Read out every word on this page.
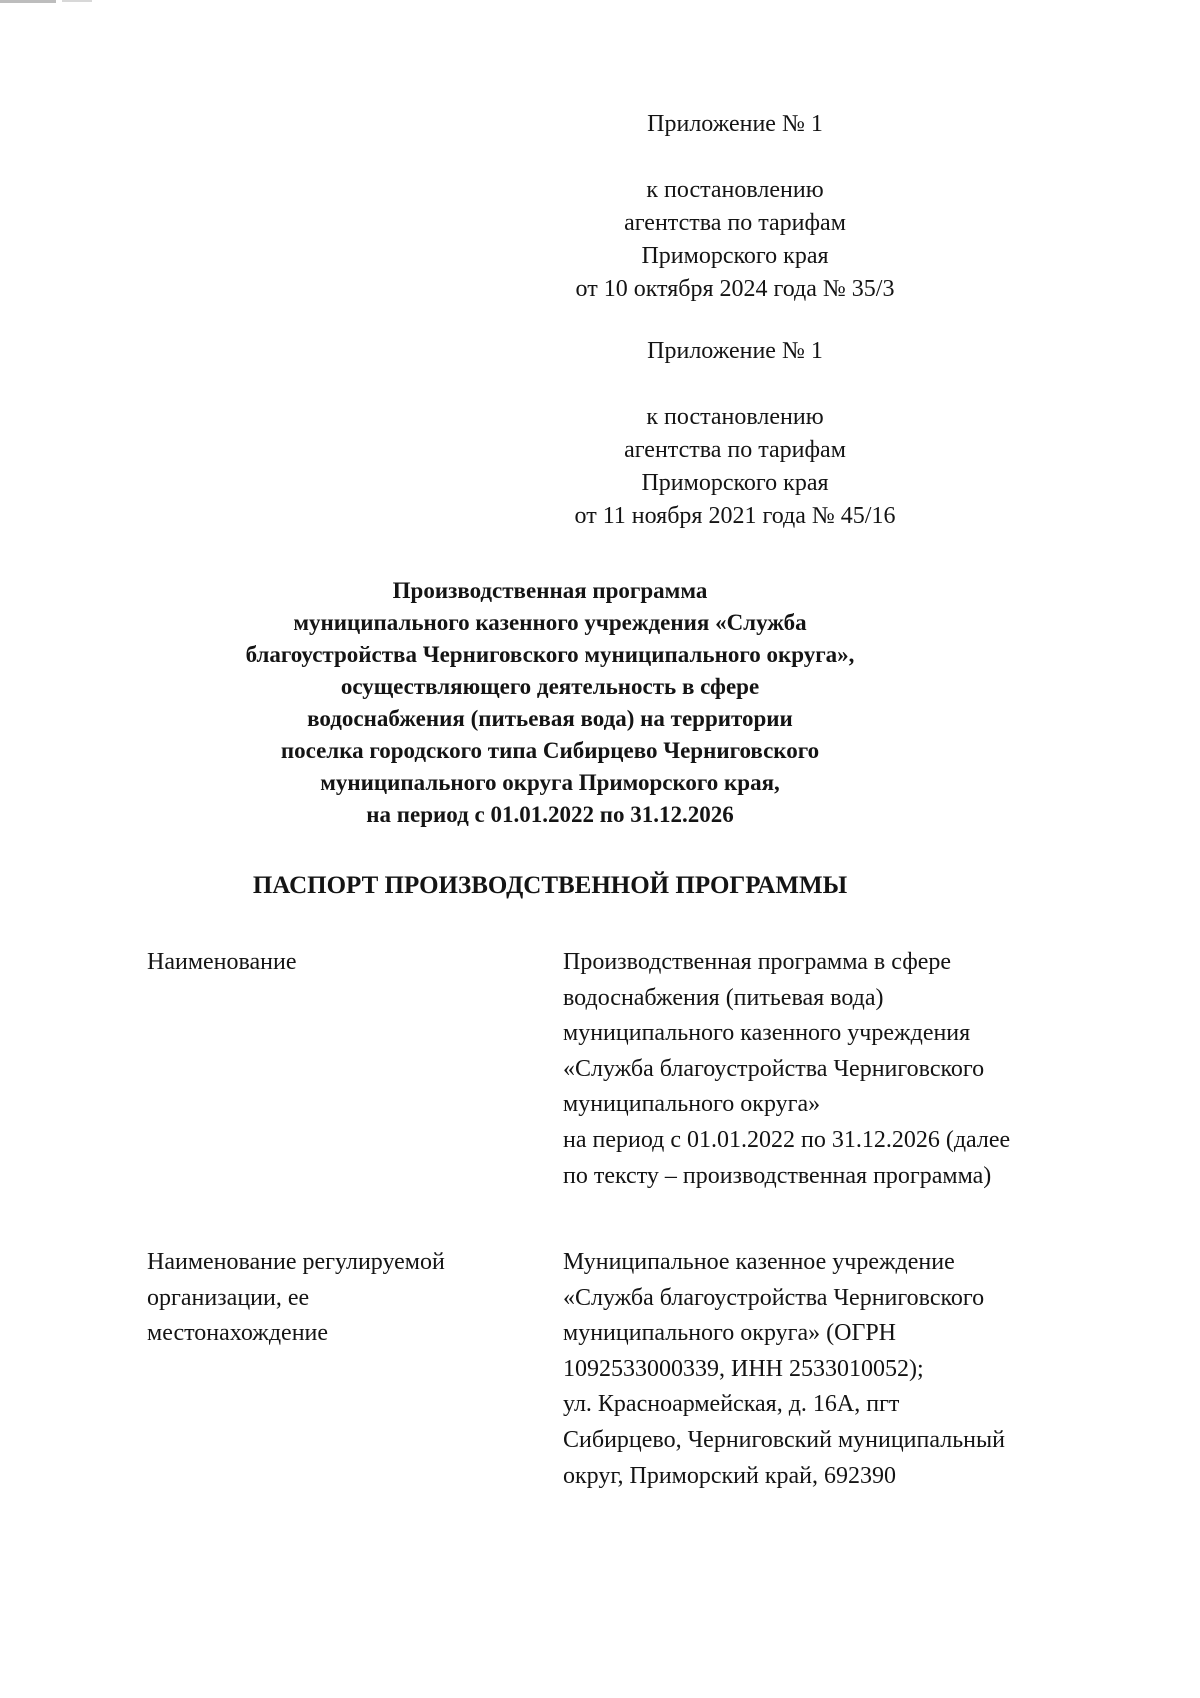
Приложение № 1
к постановлению
агентства по тарифам
Приморского края
от 10 октября 2024 года № 35/3
Приложение № 1
к постановлению
агентства по тарифам
Приморского края
от 11 ноября 2021 года № 45/16
Производственная программа
муниципального казенного учреждения «Служба
благоустройства Черниговского муниципального округа»,
осуществляющего деятельность в сфере
водоснабжения (питьевая вода) на территории
поселка городского типа Сибирцево Черниговского
муниципального округа Приморского края,
на период с 01.01.2022 по 31.12.2026
ПАСПОРТ ПРОИЗВОДСТВЕННОЙ ПРОГРАММЫ
Наименование	Производственная программа в сфере
водоснабжения (питьевая вода)
муниципального казенного учреждения
«Служба благоустройства Черниговского
муниципального округа»
на период с 01.01.2022 по 31.12.2026 (далее
по тексту – производственная программа)
Наименование регулируемой
организации, ее
местонахождение
Муниципальное казенное учреждение
«Служба благоустройства Черниговского
муниципального округа» (ОГРН
1092533000339, ИНН 2533010052);
ул. Красноармейская, д. 16А, пгт
Сибирцево, Черниговский муниципальный
округ, Приморский край, 692390
